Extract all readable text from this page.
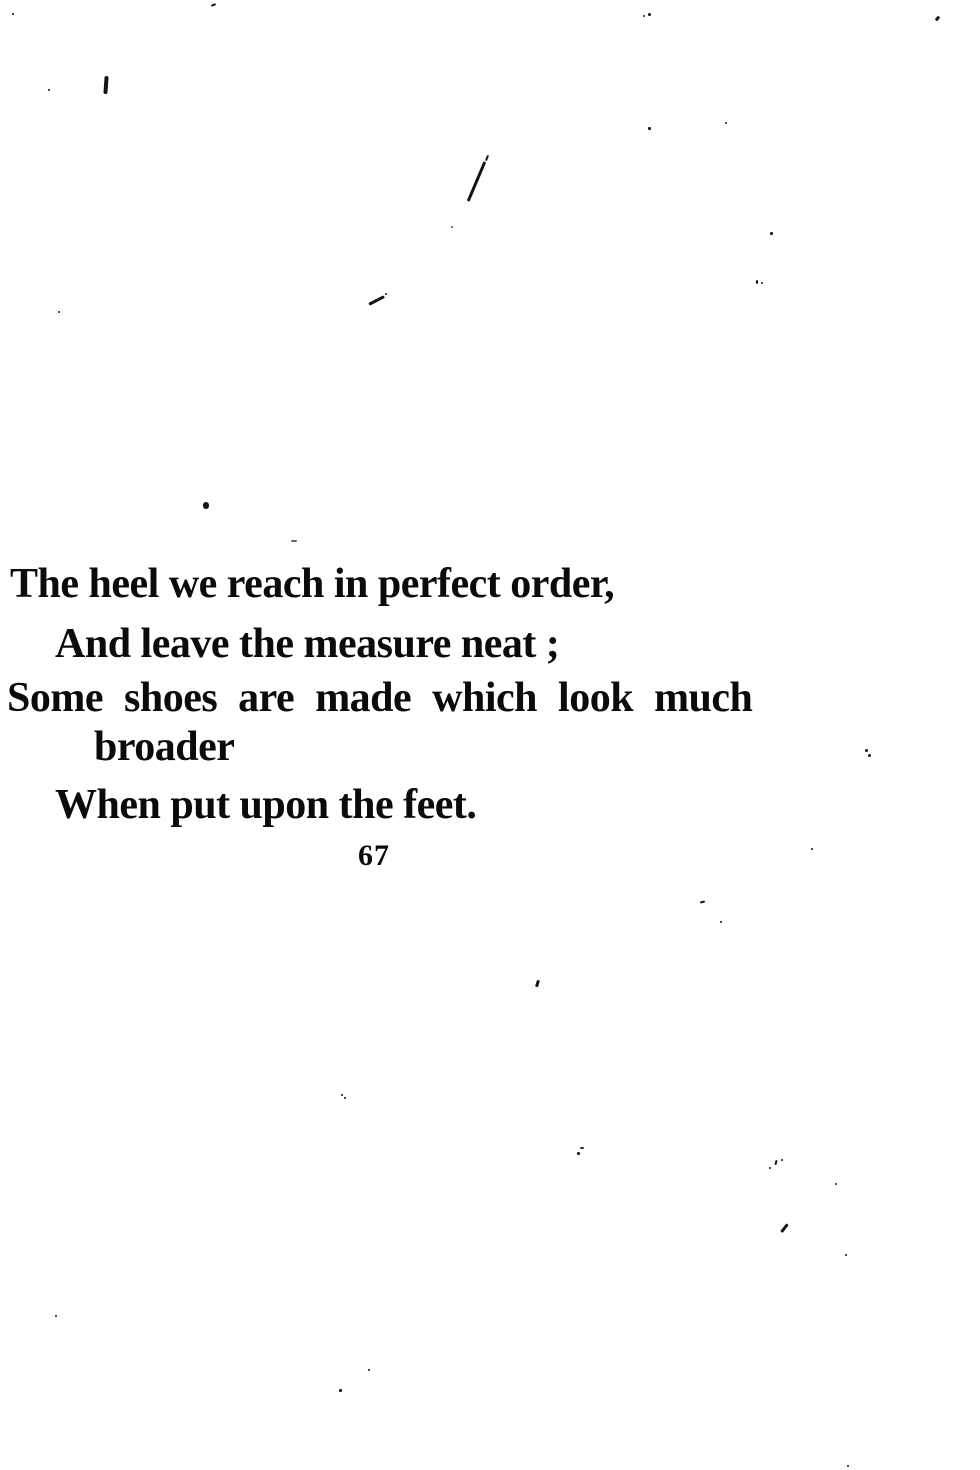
The heel we reach in perfect order,
And leave the measure neat ;
Some shoes are made which look much
broader
When put upon the feet.
67
